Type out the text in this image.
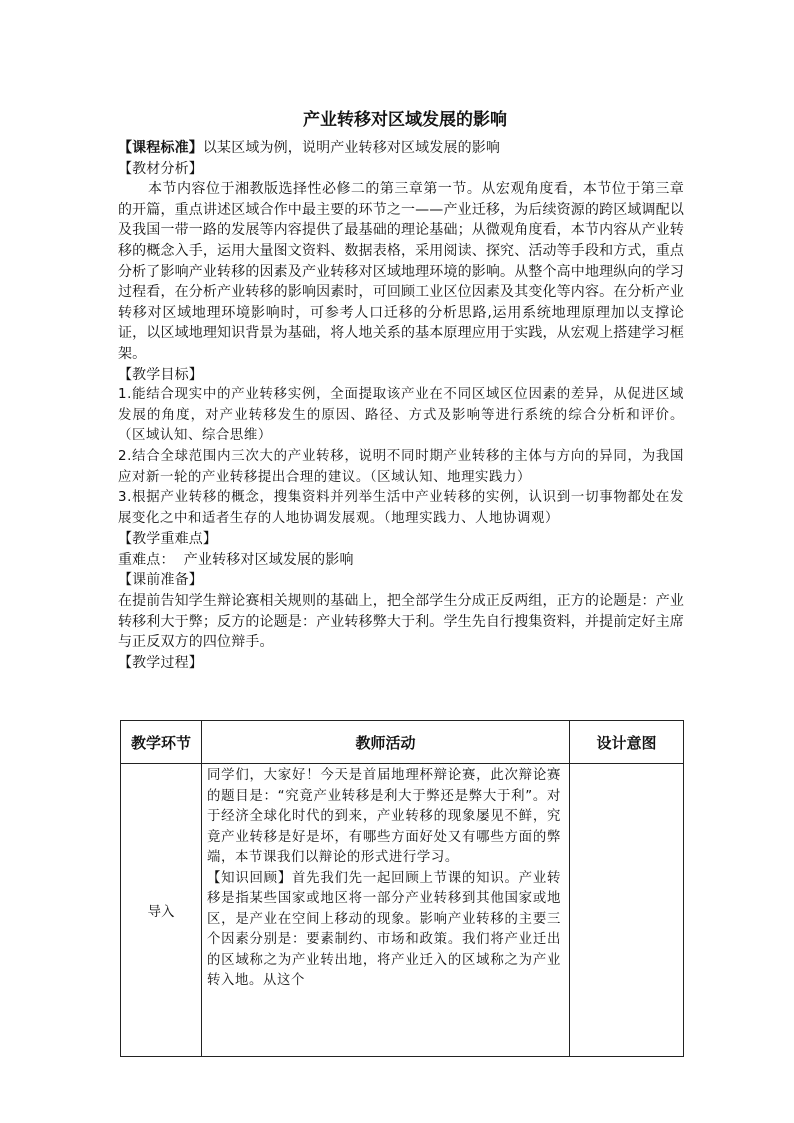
产业转移对区域发展的影响

【课程标准】以某区域为例，说明产业转移对区域发展的影响

【教材分析】

本节内容位于湘教版选择性必修二的第三章第一节。从宏观角度看，本节位于第三章的开篇，重点讲述区域合作中最主要的环节之一——产业迁移，为后续资源的跨区域调配以及我国一带一路的发展等内容提供了最基础的理论基础；从微观角度看，本节内容从产业转移的概念入手，运用大量图文资料、数据表格，采用阅读、探究、活动等手段和方式，重点分析了影响产业转移的因素及产业转移对区域地理环境的影响。从整个高中地理纵向的学习过程看，在分析产业转移的影响因素时，可回顾工业区位因素及其变化等内容。在分析产业转移对区域地理环境影响时，可参考人口迁移的分析思路,运用系统地理原理加以支撑论证，以区域地理知识背景为基础，将人地关系的基本原理应用于实践，从宏观上搭建学习框架。

【教学目标】

1.能结合现实中的产业转移实例，全面提取该产业在不同区域区位因素的差异，从促进区域发展的角度，对产业转移发生的原因、路径、方式及影响等进行系统的综合分析和评价。（区域认知、综合思维）

2.结合全球范围内三次大的产业转移，说明不同时期产业转移的主体与方向的异同，为我国应对新一轮的产业转移提出合理的建议。（区域认知、地理实践力）

3.根据产业转移的概念，搜集资料并列举生活中产业转移的实例，认识到一切事物都处在发展变化之中和适者生存的人地协调发展观。（地理实践力、人地协调观）

【教学重难点】

重难点：  产业转移对区域发展的影响

【课前准备】

在提前告知学生辩论赛相关规则的基础上，把全部学生分成正反两组，正方的论题是：产业转移利大于弊；反方的论题是：产业转移弊大于利。学生先自行搜集资料，并提前定好主席与正反双方的四位辩手。

【教学过程】

教学环节	教师活动	设计意图
导入	同学们，大家好！今天是首届地理杯辩论赛，此次辩论赛的题目是：“究竟产业转移是利大于弊还是弊大于利”。对于经济全球化时代的到来，产业转移的现象屡见不鲜，究竟产业转移是好是坏，有哪些方面好处又有哪些方面的弊端，本节课我们以辩论的形式进行学习。

【知识回顾】首先我们先一起回顾上节课的知识。产业转移是指某些国家或地区将一部分产业转移到其他国家或地区，是产业在空间上移动的现象。影响产业转移的主要三个因素分别是：要素制约、市场和政策。我们将产业迁出的区域称之为产业转出地，将产业迁入的区域称之为产业转入地。从这个	
